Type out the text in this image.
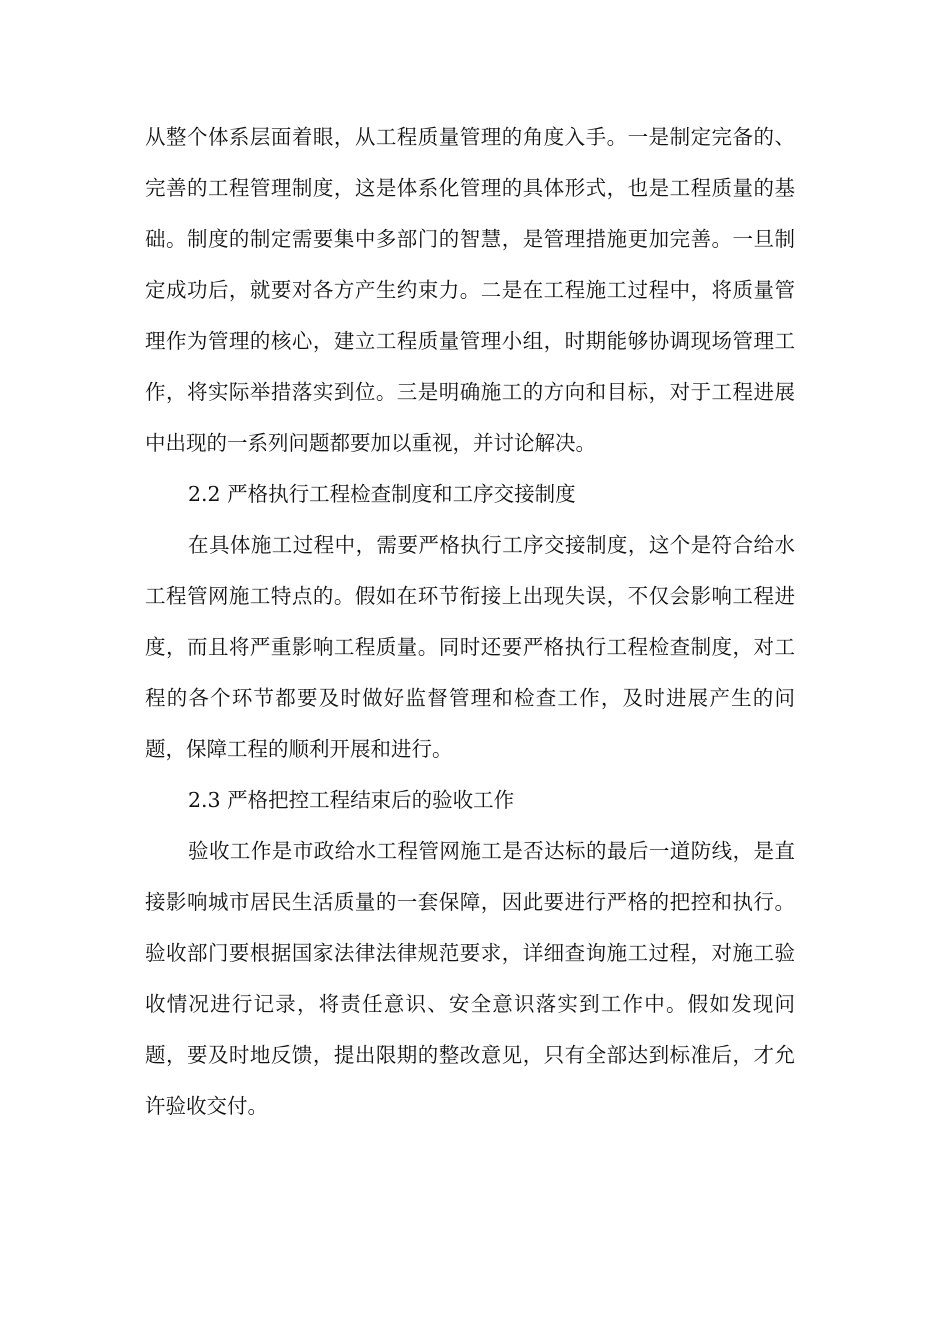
从整个体系层面着眼，从工程质量管理的角度入手。一是制定完备的、完善的工程管理制度，这是体系化管理的具体形式，也是工程质量的基础。制度的制定需要集中多部门的智慧，是管理措施更加完善。一旦制定成功后，就要对各方产生约束力。二是在工程施工过程中，将质量管理作为管理的核心，建立工程质量管理小组，时期能够协调现场管理工作，将实际举措落实到位。三是明确施工的方向和目标，对于工程进展中出现的一系列问题都要加以重视，并讨论解决。

2.2 严格执行工程检查制度和工序交接制度

在具体施工过程中，需要严格执行工序交接制度，这个是符合给水工程管网施工特点的。假如在环节衔接上出现失误，不仅会影响工程进度，而且将严重影响工程质量。同时还要严格执行工程检查制度，对工程的各个环节都要及时做好监督管理和检查工作，及时进展产生的问题，保障工程的顺利开展和进行。

2.3 严格把控工程结束后的验收工作

验收工作是市政给水工程管网施工是否达标的最后一道防线，是直接影响城市居民生活质量的一套保障，因此要进行严格的把控和执行。验收部门要根据国家法律法律规范要求，详细查询施工过程，对施工验收情况进行记录，将责任意识、安全意识落实到工作中。假如发现问题，要及时地反馈，提出限期的整改意见，只有全部达到标准后，才允许验收交付。
